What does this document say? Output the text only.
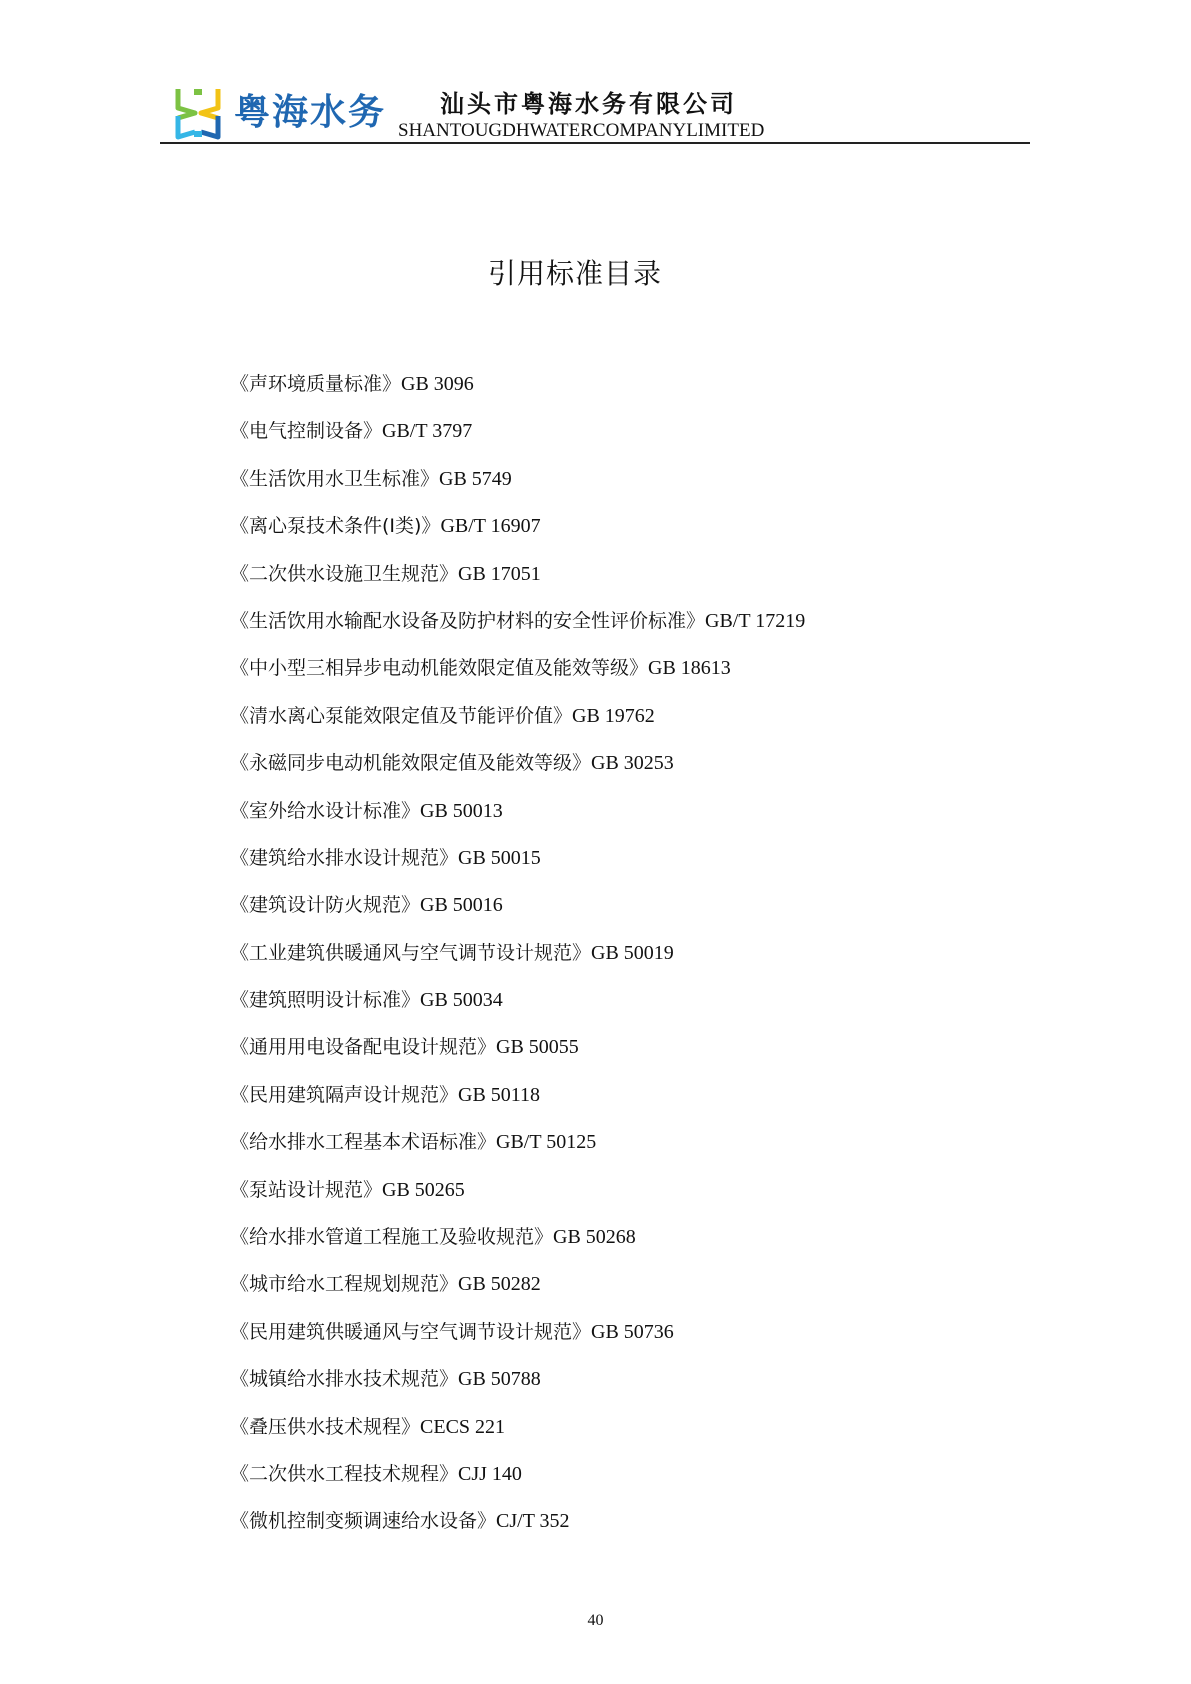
粤海水务 汕头市粤海水务有限公司
SHANTOUGDHWATERCOMPANYLIMITED
引用标准目录
《声环境质量标准》GB 3096
《电气控制设备》GB/T 3797
《生活饮用水卫生标准》GB 5749
《离心泵技术条件(I类)》GB/T 16907
《二次供水设施卫生规范》GB 17051
《生活饮用水输配水设备及防护材料的安全性评价标准》GB/T 17219
《中小型三相异步电动机能效限定值及能效等级》GB 18613
《清水离心泵能效限定值及节能评价值》GB 19762
《永磁同步电动机能效限定值及能效等级》GB 30253
《室外给水设计标准》GB 50013
《建筑给水排水设计规范》GB 50015
《建筑设计防火规范》GB 50016
《工业建筑供暖通风与空气调节设计规范》GB 50019
《建筑照明设计标准》GB 50034
《通用用电设备配电设计规范》GB 50055
《民用建筑隔声设计规范》GB 50118
《给水排水工程基本术语标准》GB/T 50125
《泵站设计规范》GB 50265
《给水排水管道工程施工及验收规范》GB 50268
《城市给水工程规划规范》GB 50282
《民用建筑供暖通风与空气调节设计规范》GB 50736
《城镇给水排水技术规范》GB 50788
《叠压供水技术规程》CECS 221
《二次供水工程技术规程》CJJ 140
《微机控制变频调速给水设备》CJ/T 352
40
